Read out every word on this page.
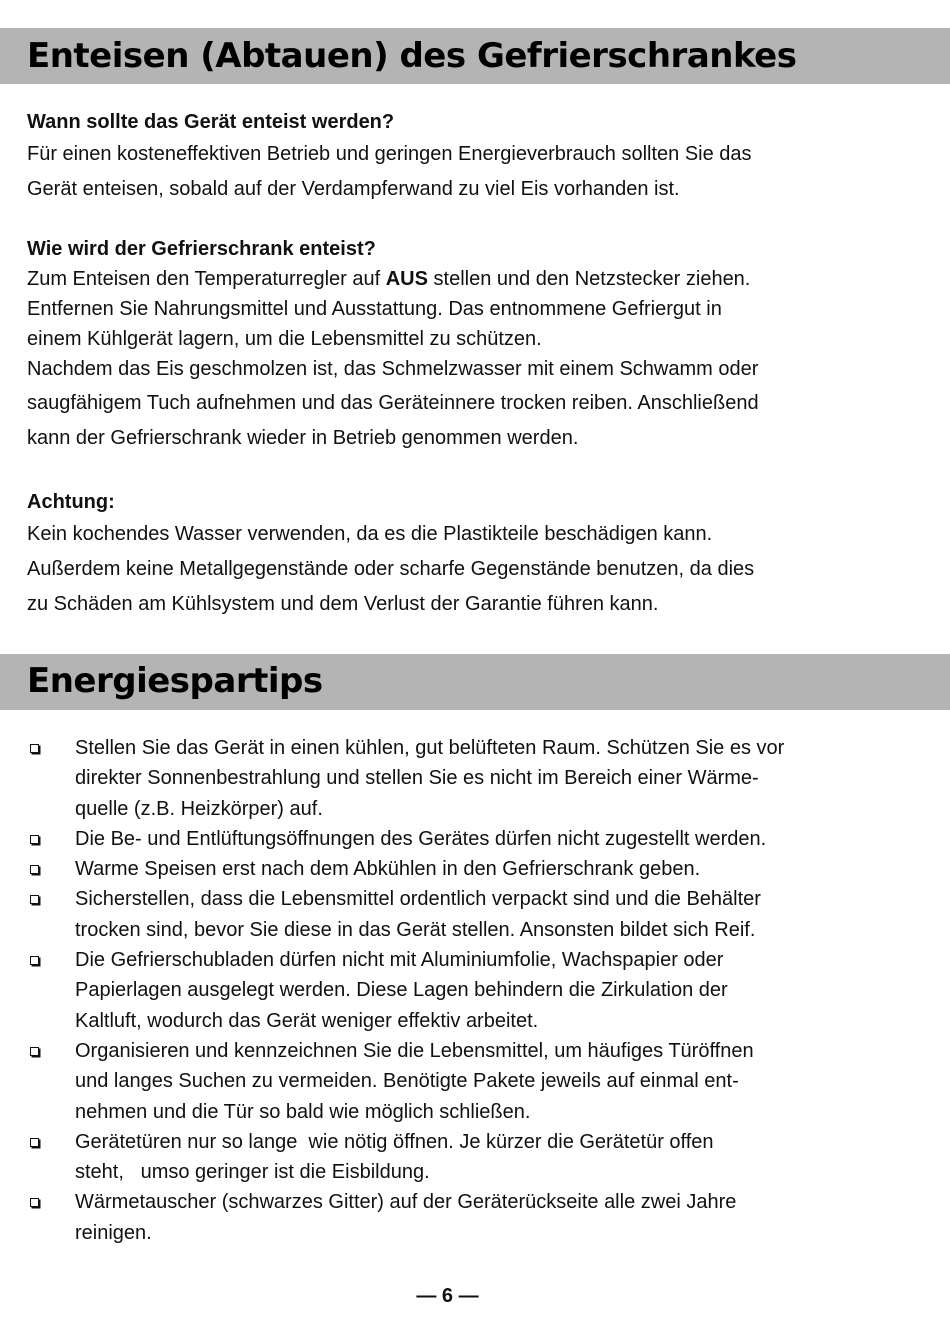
Enteisen (Abtauen) des Gefrierschrankes

Wann sollte das Gerät enteist werden?

Für einen kosteneffektiven Betrieb und geringen Energieverbrauch sollten Sie das

Gerät enteisen, sobald auf der Verdampferwand zu viel Eis vorhanden ist.

Wie wird der Gefrierschrank enteist?

Zum Enteisen den Temperaturregler auf AUS stellen und den Netzstecker ziehen.

Entfernen Sie Nahrungsmittel und Ausstattung. Das entnommene Gefriergut in

einem Kühlgerät lagern, um die Lebensmittel zu schützen.

Nachdem das Eis geschmolzen ist, das Schmelzwasser mit einem Schwamm oder

saugfähigem Tuch aufnehmen und das Geräteinnere trocken reiben. Anschließend

kann der Gefrierschrank wieder in Betrieb genommen werden.

Achtung:

Kein kochendes Wasser verwenden, da es die Plastikteile beschädigen kann.

Außerdem keine Metallgegenstände oder scharfe Gegenstände benutzen, da dies

zu Schäden am Kühlsystem und dem Verlust der Garantie führen kann.

Energiespartips
Stellen Sie das Gerät in einen kühlen, gut belüfteten Raum. Schützen Sie es vor
direkter Sonnenbestrahlung und stellen Sie es nicht im Bereich einer Wärme-
quelle (z.B. Heizkörper) auf.
Die Be- und Entlüftungsöffnungen des Gerätes dürfen nicht zugestellt werden.
Warme Speisen erst nach dem Abkühlen in den Gefrierschrank geben.
Sicherstellen, dass die Lebensmittel ordentlich verpackt sind und die Behälter
trocken sind, bevor Sie diese in das Gerät stellen. Ansonsten bildet sich Reif.
Die Gefrierschubladen dürfen nicht mit Aluminiumfolie, Wachspapier oder
Papierlagen ausgelegt werden. Diese Lagen behindern die Zirkulation der
Kaltluft, wodurch das Gerät weniger effektiv arbeitet.
Organisieren und kennzeichnen Sie die Lebensmittel, um häufiges Türöffnen
und langes Suchen zu vermeiden. Benötigte Pakete jeweils auf einmal ent-
nehmen und die Tür so bald wie möglich schließen.
Gerätetüren nur so lange  wie nötig öffnen. Je kürzer die Gerätetür offen
steht,   umso geringer ist die Eisbildung.
Wärmetauscher (schwarzes Gitter) auf der Geräterückseite alle zwei Jahre
reinigen.
— 6 —
